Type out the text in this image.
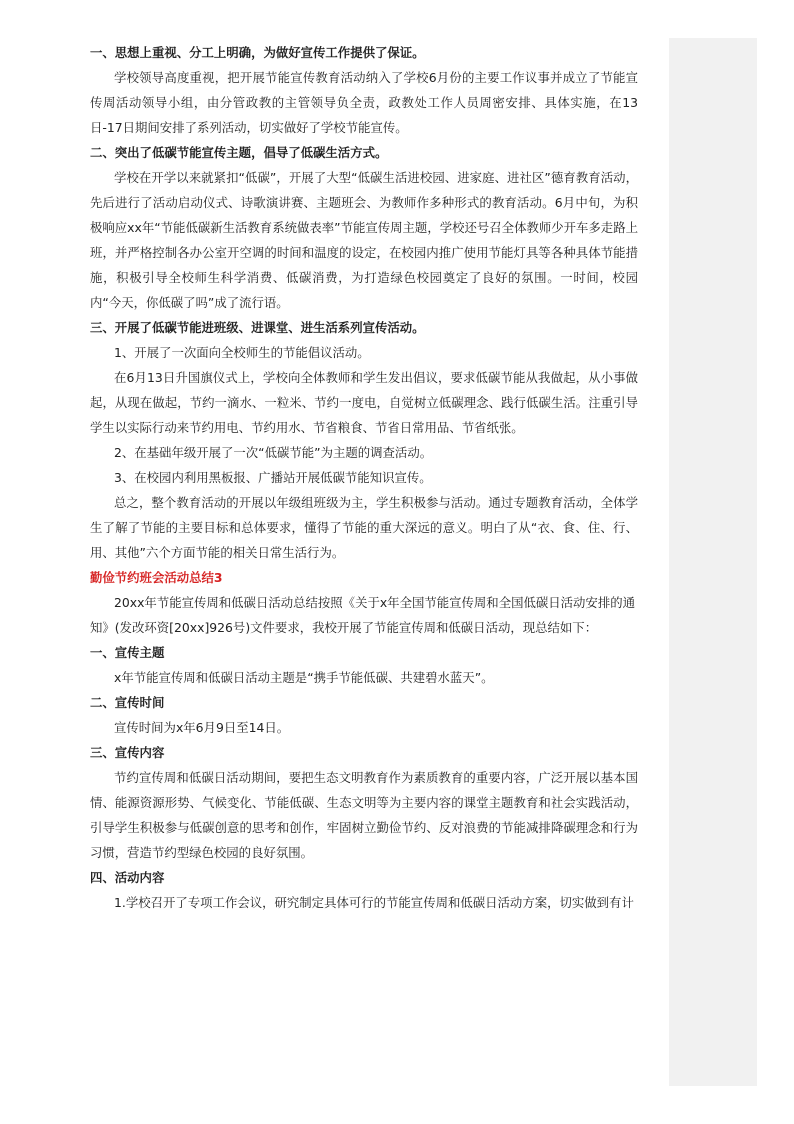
一、思想上重视、分工上明确，为做好宣传工作提供了保证。

学校领导高度重视，把开展节能宣传教育活动纳入了学校6月份的主要工作议事并成立了节能宣传周活动领导小组，由分管政教的主管领导负全责，政教处工作人员周密安排、具体实施，在13日-17日期间安排了系列活动，切实做好了学校节能宣传。

二、突出了低碳节能宣传主题，倡导了低碳生活方式。

学校在开学以来就紧扣“低碳”，开展了大型“低碳生活进校园、进家庭、进社区”德育教育活动，先后进行了活动启动仪式、诗歌演讲赛、主题班会、为教师作多种形式的教育活动。6月中旬，为积极响应xx年“节能低碳新生活教育系统做表率”节能宣传周主题，学校还号召全体教师少开车多走路上班，并严格控制各办公室开空调的时间和温度的设定，在校园内推广使用节能灯具等各种具体节能措施，积极引导全校师生科学消费、低碳消费，为打造绿色校园奠定了良好的氛围。一时间，校园内“今天，你低碳了吗”成了流行语。

三、开展了低碳节能进班级、进课堂、进生活系列宣传活动。

1、开展了一次面向全校师生的节能倡议活动。

在6月13日升国旗仪式上，学校向全体教师和学生发出倡议，要求低碳节能从我做起，从小事做起，从现在做起，节约一滴水、一粒米、节约一度电，自觉树立低碳理念、践行低碳生活。注重引导学生以实际行动来节约用电、节约用水、节省粮食、节省日常用品、节省纸张。

2、在基础年级开展了一次“低碳节能”为主题的调查活动。

3、在校园内利用黑板报、广播站开展低碳节能知识宣传。

总之，整个教育活动的开展以年级组班级为主，学生积极参与活动。通过专题教育活动，全体学生了解了节能的主要目标和总体要求，懂得了节能的重大深远的意义。明白了从“衣、食、住、行、用、其他”六个方面节能的相关日常生活行为。

勤俭节约班会活动总结3

20xx年节能宣传周和低碳日活动总结按照《关于x年全国节能宣传周和全国低碳日活动安排的通知》(发改环资[20xx]926号)文件要求，我校开展了节能宣传周和低碳日活动，现总结如下：

一、宣传主题

x年节能宣传周和低碳日活动主题是“携手节能低碳、共建碧水蓝天”。

二、宣传时间

宣传时间为x年6月9日至14日。

三、宣传内容

节约宣传周和低碳日活动期间，要把生态文明教育作为素质教育的重要内容，广泛开展以基本国情、能源资源形势、气候变化、节能低碳、生态文明等为主要内容的课堂主题教育和社会实践活动，引导学生积极参与低碳创意的思考和创作，牢固树立勤俭节约、反对浪费的节能减排降碳理念和行为习惯，营造节约型绿色校园的良好氛围。

四、活动内容

1.学校召开了专项工作会议，研究制定具体可行的节能宣传周和低碳日活动方案，切实做到有计
